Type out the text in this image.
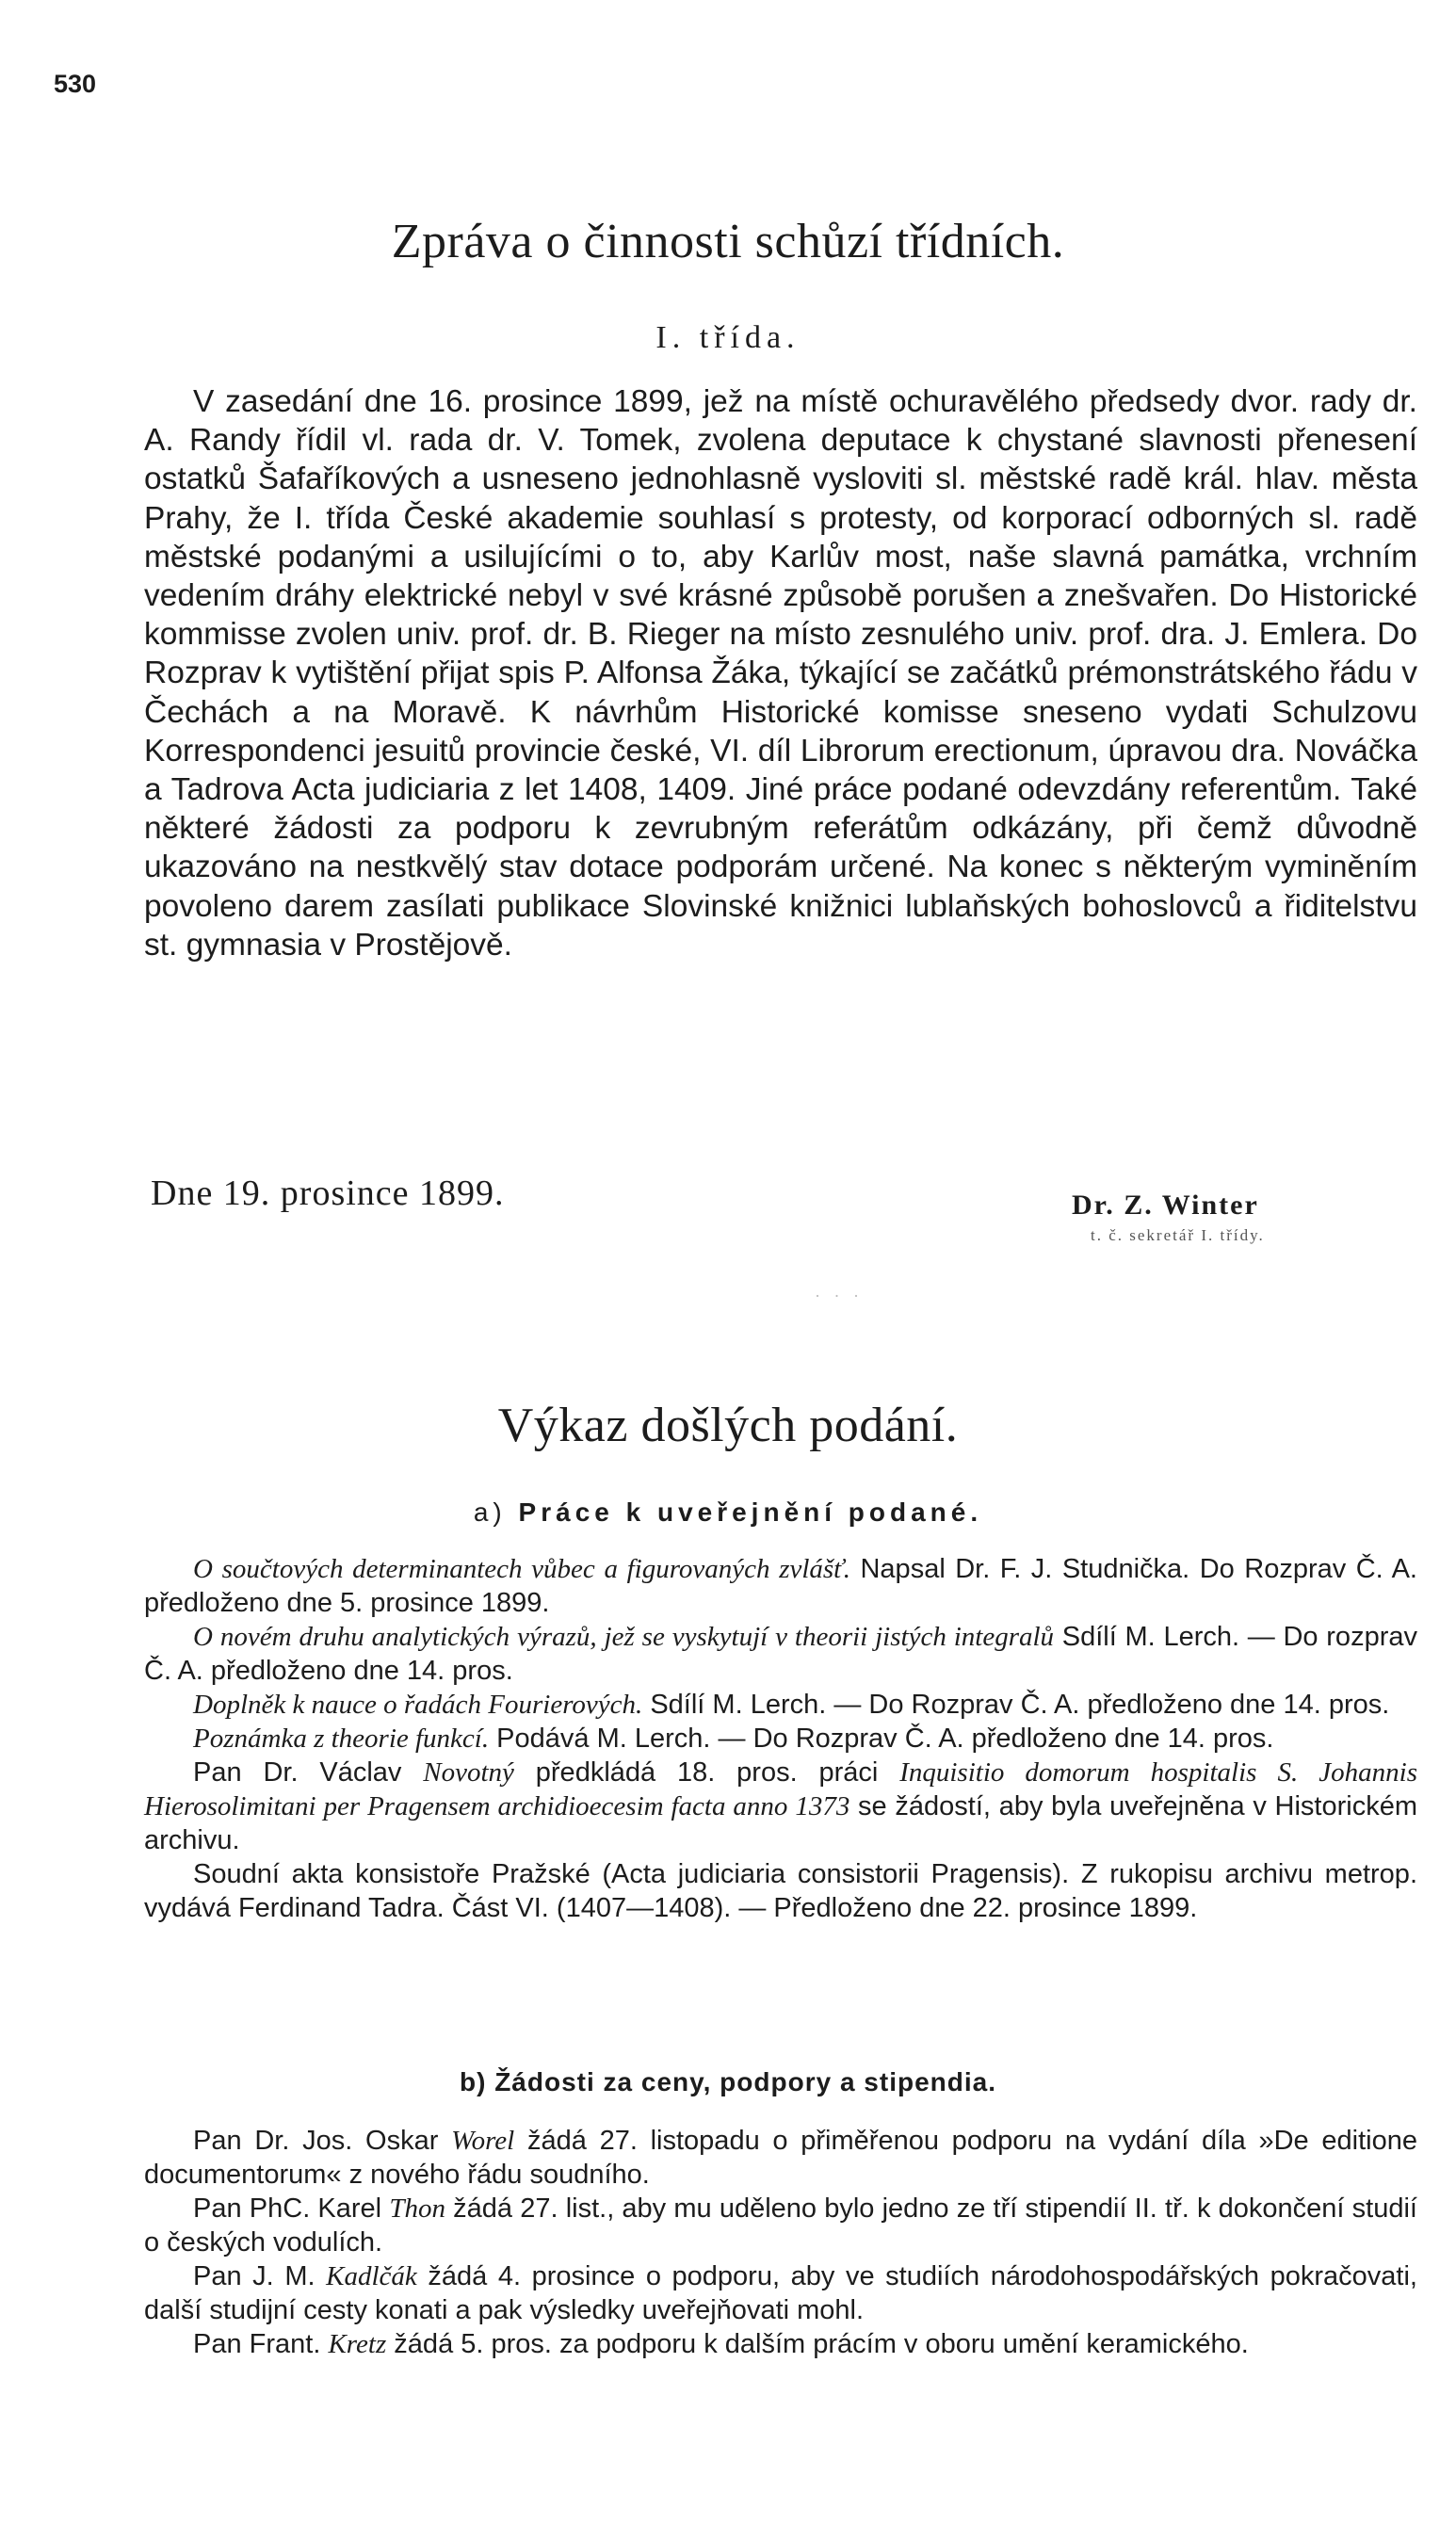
530
Zpráva o činnosti schůzí třídních.
I. třída.
V zasedání dne 16. prosince 1899, jež na místě ochuravělého předsedy dvor. rady dr. A. Randy řídil vl. rada dr. V. Tomek, zvolena deputace k chystané slavnosti přenesení ostatků Šafaříkových a usneseno jednohlasně vysloviti sl. městské radě král. hlav. města Prahy, že I. třída České akademie souhlasí s protesty, od korporací odborných sl. radě městské podanými a usilujícími o to, aby Karlův most, naše slavná památka, vrchním vedením dráhy elektrické nebyl v své krásné způsobě porušen a znešvařen. Do Historické kommisse zvolen univ. prof. dr. B. Rieger na místo zesnulého univ. prof. dra. J. Emlera. Do Rozprav k vytištění přijat spis P. Alfonsa Žáka, týkající se začátků prémonstrátského řádu v Čechách a na Moravě. K návrhům Historické komisse sneseno vydati Schulzovu Korrespondenci jesuitů provincie české, VI. díl Librorum erectionum, úpravou dra. Nováčka a Tadrova Acta judiciaria z let 1408, 1409. Jiné práce podané odevzdány referentům. Také některé žádosti za podporu k zevrubným referátům odkázány, při čemž důvodně ukazováno na nestkvělý stav dotace podporám určené. Na konec s některým vyminěním povoleno darem zasílati publikace Slovinské knižnici lublaňských bohoslovců a řiditelstvu st. gymnasia v Prostějově.
Dne 19. prosince 1899.	Dr. Z. Winter
t. č. sekretář I. třídy.
· · ·
Výkaz došlých podání.
a) Práce k uveřejnění podané.

O součtových determinantech vůbec a figurovaných zvlášť. Napsal Dr. F. J. Studnička. Do Rozprav Č. A. předloženo dne 5. prosince 1899.

O novém druhu analytických výrazů, jež se vyskytují v theorii jistých integralů Sdílí M. Lerch. — Do rozprav Č. A. předloženo dne 14. pros.

Doplněk k nauce o řadách Fourierových. Sdílí M. Lerch. — Do Rozprav Č. A. předloženo dne 14. pros.

Poznámka z theorie funkcí. Podává M. Lerch. — Do Rozprav Č. A. předloženo dne 14. pros.

Pan Dr. Václav Novotný předkládá 18. pros. práci Inquisitio domorum hospitalis S. Johannis Hierosolimitani per Pragensem archidioecesim facta anno 1373 se žádostí, aby byla uveřejněna v Historickém archivu.

Soudní akta konsistoře Pražské (Acta judiciaria consistorii Pragensis). Z rukopisu archivu metrop. vydává Ferdinand Tadra. Část VI. (1407—1408). — Předloženo dne 22. prosince 1899.

b) Žádosti za ceny, podpory a stipendia.

Pan Dr. Jos. Oskar Worel žádá 27. listopadu o přiměřenou podporu na vydání díla »De editione documentorum« z nového řádu soudního.

Pan PhC. Karel Thon žádá 27. list., aby mu uděleno bylo jedno ze tří stipendií II. tř. k dokončení studií o českých vodulích.

Pan J. M. Kadlčák žádá 4. prosince o podporu, aby ve studiích národohospodářských pokračovati, další studijní cesty konati a pak výsledky uveřejňovati mohl.

Pan Frant. Kretz žádá 5. pros. za podporu k dalším prácím v oboru umění keramického.
